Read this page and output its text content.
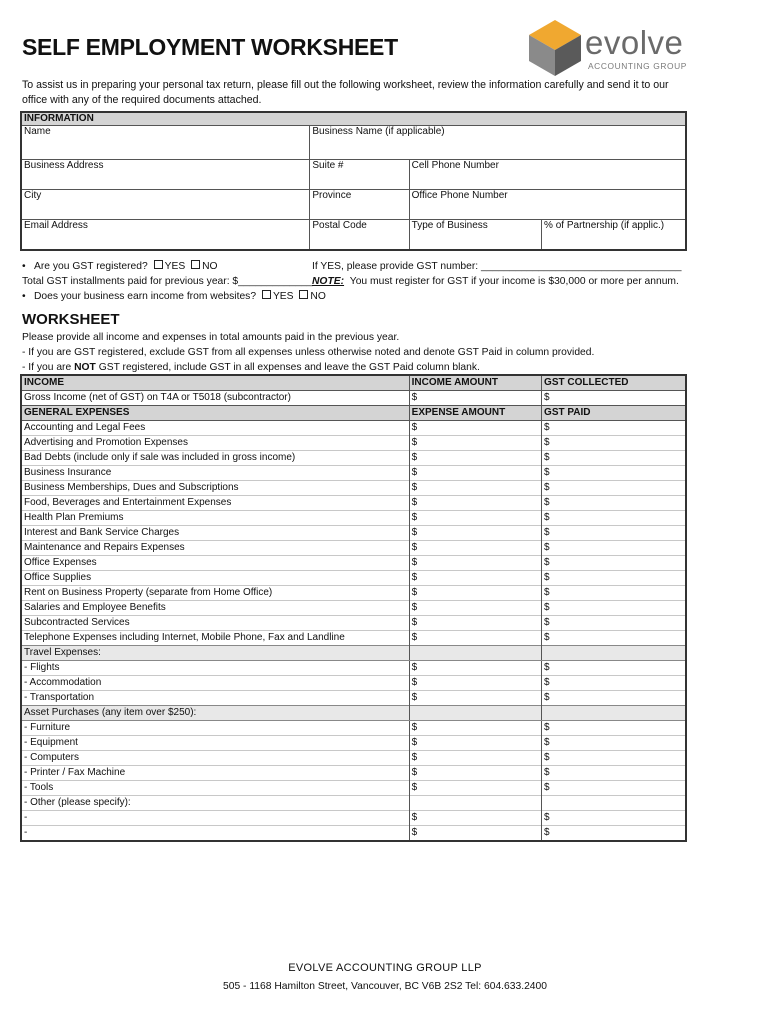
SELF EMPLOYMENT WORKSHEET	evolve
ACCOUNTING GROUP
To assist us in preparing your personal tax return, please fill out the following worksheet, review the information carefully and send it to our office with any of the required documents attached.
INFORMATION			
Name	Business Name (if applicable)		
Business Address	Suite #	Cell Phone Number	
City	Province	Office Phone Number	
Email Address	Postal Code	Type of Business	% of Partnership (if applic.)
• Are you GST registered? YES NO	If YES, please provide GST number: ___________________________________
Total GST installments paid for previous year: $_____________ NOTE: You must register for GST if your income is $30,000 or more per annum.
• Does your business earn income from websites? YES NO
WORKSHEET
Please provide all income and expenses in total amounts paid in the previous year.
- If you are GST registered, exclude GST from all expenses unless otherwise noted and denote GST Paid in column provided.
- If you are NOT GST registered, include GST in all expenses and leave the GST Paid column blank.
INCOME	INCOME AMOUNT	GST COLLECTED
Gross Income (net of GST) on T4A or T5018 (subcontractor)	$	$
GENERAL EXPENSES	EXPENSE AMOUNT	GST PAID
Accounting and Legal Fees	$	$
Advertising and Promotion Expenses	$	$
Bad Debts (include only if sale was included in gross income)	$	$
Business Insurance	$	$
Business Memberships, Dues and Subscriptions	$	$
Food, Beverages and Entertainment Expenses	$	$
Health Plan Premiums	$	$
Interest and Bank Service Charges	$	$
Maintenance and Repairs Expenses	$	$
Office Expenses	$	$
Office Supplies	$	$
Rent on Business Property (separate from Home Office)	$	$
Salaries and Employee Benefits	$	$
Subcontracted Services	$	$
Telephone Expenses including Internet, Mobile Phone, Fax and Landline	$	$
Travel Expenses:		
- Flights	$	$
- Accommodation	$	$
- Transportation	$	$
Asset Purchases (any item over $250):		
- Furniture	$	$
- Equipment	$	$
- Computers	$	$
- Printer / Fax Machine	$	$
- Tools	$	$
- Other (please specify):		
-	$	$
-	$	$
EVOLVE ACCOUNTING GROUP LLP
505 - 1168 Hamilton Street, Vancouver, BC V6B 2S2 Tel: 604.633.2400
